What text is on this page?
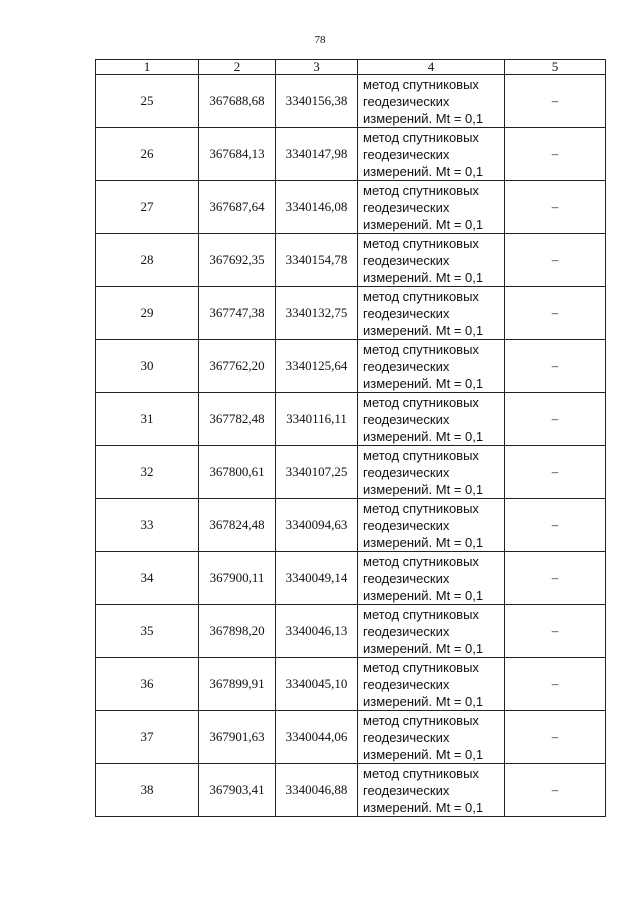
78
1	2	3	4	5
25	367688,68	3340156,38	метод спутниковых
геодезических
измерений. Mt = 0,1	–
26	367684,13	3340147,98	метод спутниковых
геодезических
измерений. Mt = 0,1	–
27	367687,64	3340146,08	метод спутниковых
геодезических
измерений. Mt = 0,1	–
28	367692,35	3340154,78	метод спутниковых
геодезических
измерений. Mt = 0,1	–
29	367747,38	3340132,75	метод спутниковых
геодезических
измерений. Mt = 0,1	–
30	367762,20	3340125,64	метод спутниковых
геодезических
измерений. Mt = 0,1	–
31	367782,48	3340116,11	метод спутниковых
геодезических
измерений. Mt = 0,1	–
32	367800,61	3340107,25	метод спутниковых
геодезических
измерений. Mt = 0,1	–
33	367824,48	3340094,63	метод спутниковых
геодезических
измерений. Mt = 0,1	–
34	367900,11	3340049,14	метод спутниковых
геодезических
измерений. Mt = 0,1	–
35	367898,20	3340046,13	метод спутниковых
геодезических
измерений. Mt = 0,1	–
36	367899,91	3340045,10	метод спутниковых
геодезических
измерений. Mt = 0,1	–
37	367901,63	3340044,06	метод спутниковых
геодезических
измерений. Mt = 0,1	–
38	367903,41	3340046,88	метод спутниковых
геодезических
измерений. Mt = 0,1	–
